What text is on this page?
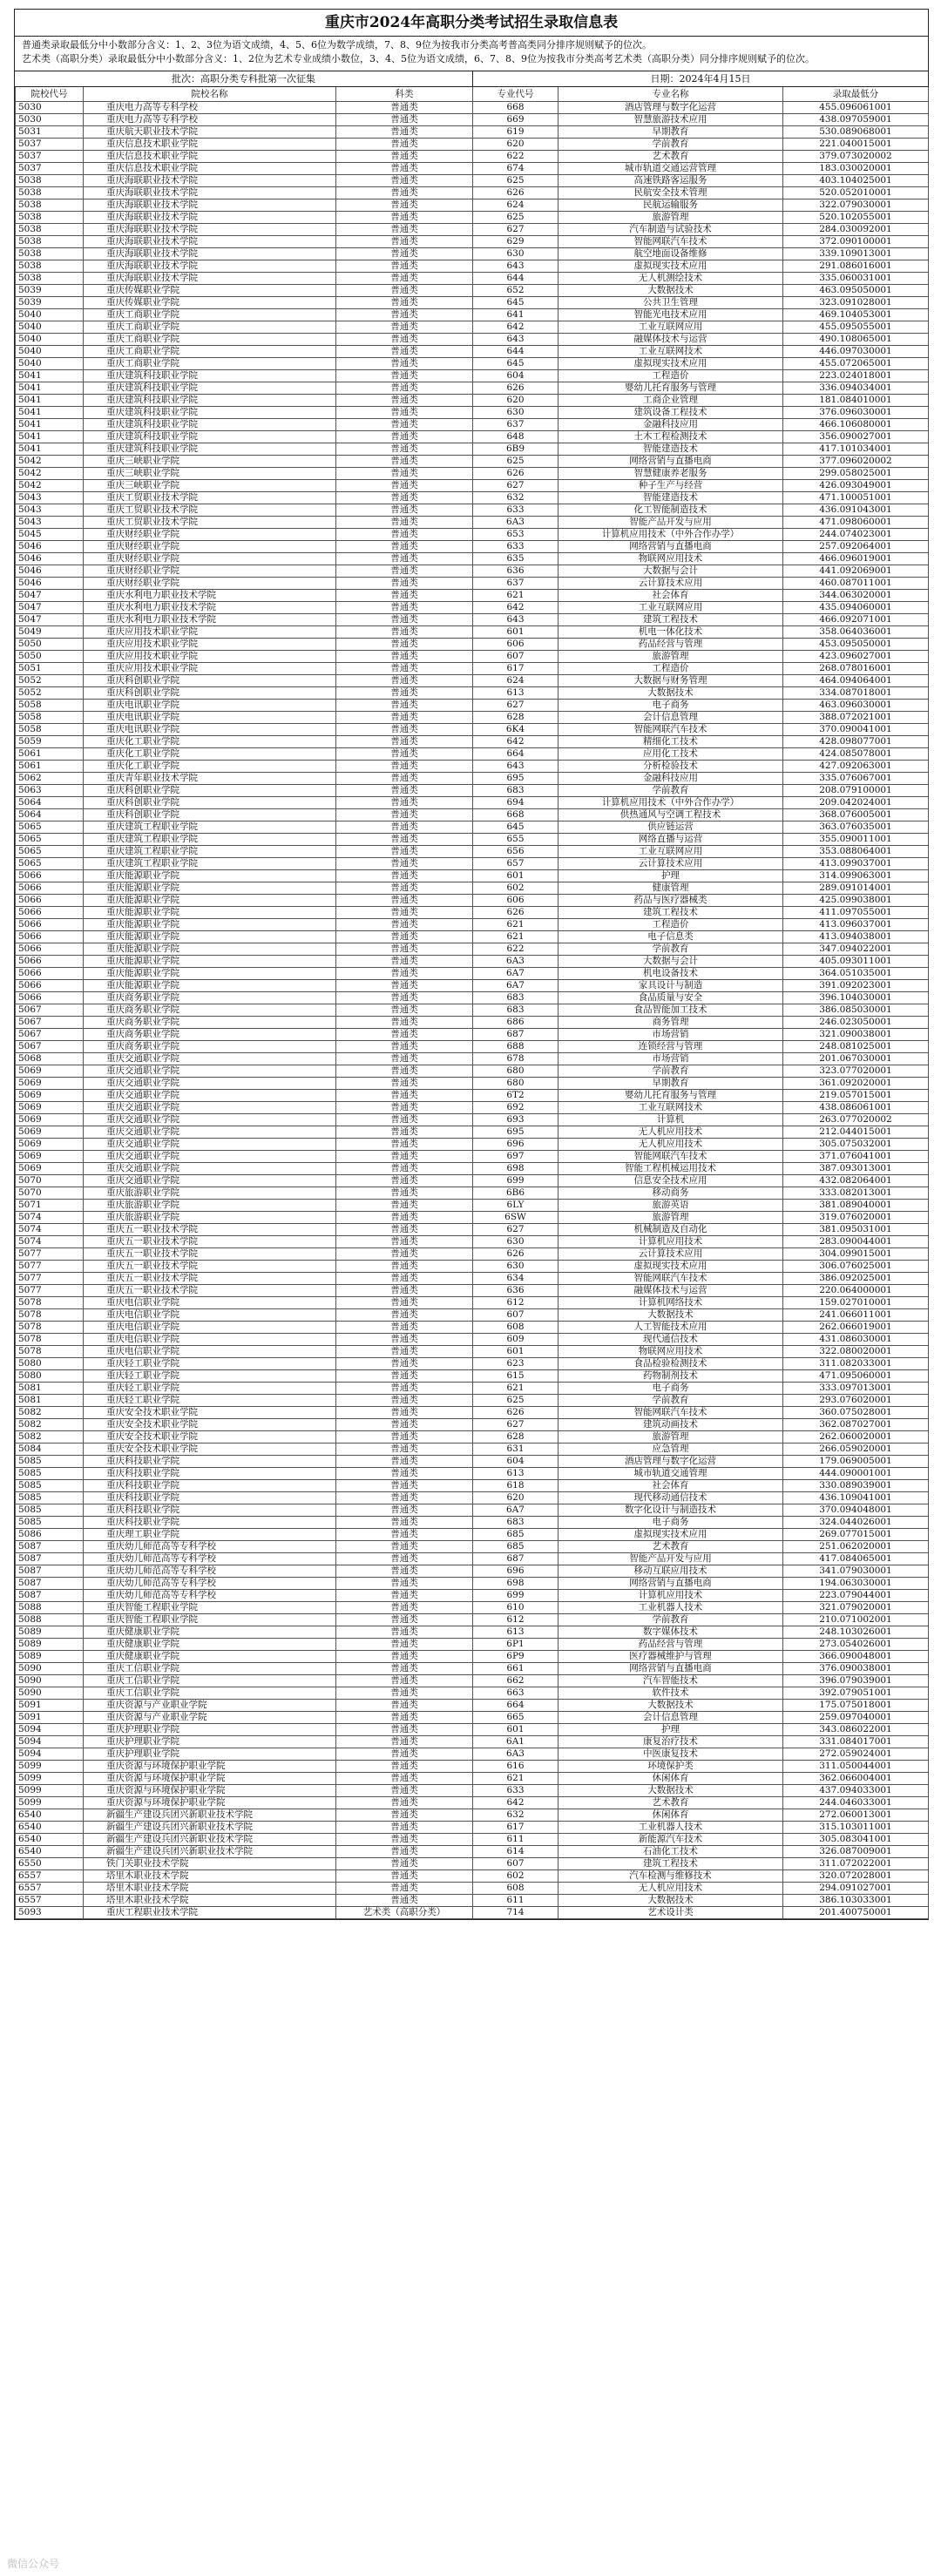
重庆市2024年高职分类考试招生录取信息表

普通类录取最低分中小数部分含义：1、2、3位为语文成绩，4、5、6位为数学成绩，7、8、9位为按我市分类高考普高类同分排序规则赋予的位次。

艺术类（高职分类）录取最低分中小数部分含义：1、2位为艺术专业成绩小数位，3、4、5位为语文成绩，6、7、8、9位为按我市分类高考艺术类（高职分类）同分排序规则赋予的位次。

批次：高职分类专科批第一次征集	日期：2024年4月15日
院校代号	院校名称	科类	专业代号	专业名称	录取最低分
5030	重庆电力高等专科学校	普通类	668	酒店管理与数字化运营	455.096061001
5030	重庆电力高等专科学校	普通类	669	智慧旅游技术应用	438.097059001
5031	重庆航天职业技术学院	普通类	619	早期教育	530.089068001
5037	重庆信息技术职业学院	普通类	620	学前教育	221.040015001
5037	重庆信息技术职业学院	普通类	622	艺术教育	379.073020002
5037	重庆信息技术职业学院	普通类	674	城市轨道交通运营管理	183.030020001
5038	重庆海联职业技术学院	普通类	625	高速铁路客运服务	403.104025001
5038	重庆海联职业技术学院	普通类	626	民航安全技术管理	520.052010001
5038	重庆海联职业技术学院	普通类	624	民航运输服务	322.079030001
5038	重庆海联职业技术学院	普通类	625	旅游管理	520.102055001
5038	重庆海联职业技术学院	普通类	627	汽车制造与试验技术	284.030092001
5038	重庆海联职业技术学院	普通类	629	智能网联汽车技术	372.090100001
5038	重庆海联职业技术学院	普通类	630	航空地面设备维修	339.109013001
5038	重庆海联职业技术学院	普通类	643	虚拟现实技术应用	291.086016001
5038	重庆海联职业技术学院	普通类	644	无人机测绘技术	335.060031001
5039	重庆传媒职业学院	普通类	652	大数据技术	463.095050001
5039	重庆传媒职业学院	普通类	645	公共卫生管理	323.091028001
5040	重庆工商职业学院	普通类	641	智能光电技术应用	469.104053001
5040	重庆工商职业学院	普通类	642	工业互联网应用	455.095055001
5040	重庆工商职业学院	普通类	643	融媒体技术与运营	490.108065001
5040	重庆工商职业学院	普通类	644	工业互联网技术	446.097030001
5040	重庆工商职业学院	普通类	645	虚拟现实技术应用	455.072065001
5041	重庆建筑科技职业学院	普通类	604	工程造价	223.024018001
5041	重庆建筑科技职业学院	普通类	626	婴幼儿托育服务与管理	336.094034001
5041	重庆建筑科技职业学院	普通类	620	工商企业管理	181.084010001
5041	重庆建筑科技职业学院	普通类	630	建筑设备工程技术	376.096030001
5041	重庆建筑科技职业学院	普通类	637	金融科技应用	466.106080001
5041	重庆建筑科技职业学院	普通类	648	土木工程检测技术	356.090027001
5041	重庆建筑科技职业学院	普通类	6B9	智能建造技术	417.101034001
5042	重庆三峡职业学院	普通类	625	网络营销与直播电商	377.096020002
5042	重庆三峡职业学院	普通类	626	智慧健康养老服务	299.058025001
5042	重庆三峡职业学院	普通类	627	种子生产与经营	426.093049001
5043	重庆工贸职业技术学院	普通类	632	智能建造技术	471.100051001
5043	重庆工贸职业技术学院	普通类	633	化工智能制造技术	436.091043001
5043	重庆工贸职业技术学院	普通类	6A3	智能产品开发与应用	471.098060001
5045	重庆财经职业学院	普通类	653	计算机应用技术（中外合作办学）	244.074023001
5046	重庆财经职业学院	普通类	633	网络营销与直播电商	257.092064001
5046	重庆财经职业学院	普通类	635	物联网应用技术	466.096019001
5046	重庆财经职业学院	普通类	636	大数据与会计	441.092069001
5046	重庆财经职业学院	普通类	637	云计算技术应用	460.087011001
5047	重庆水利电力职业技术学院	普通类	621	社会体育	344.063020001
5047	重庆水利电力职业技术学院	普通类	642	工业互联网应用	435.094060001
5047	重庆水利电力职业技术学院	普通类	643	建筑工程技术	466.092071001
5049	重庆应用技术职业学院	普通类	601	机电一体化技术	358.064036001
5050	重庆应用技术职业学院	普通类	606	药品经营与管理	453.095050001
5050	重庆应用技术职业学院	普通类	607	旅游管理	423.096027001
5051	重庆应用技术职业学院	普通类	617	工程造价	268.078016001
5052	重庆科创职业学院	普通类	624	大数据与财务管理	464.094064001
5052	重庆科创职业学院	普通类	613	大数据技术	334.087018001
5058	重庆电讯职业学院	普通类	627	电子商务	463.096030001
5058	重庆电讯职业学院	普通类	628	会计信息管理	388.072021001
5058	重庆电讯职业学院	普通类	6K4	智能网联汽车技术	370.090041001
5059	重庆化工职业学院	普通类	642	精细化工技术	428.098077001
5061	重庆化工职业学院	普通类	664	应用化工技术	424.085078001
5061	重庆化工职业学院	普通类	643	分析检验技术	427.092063001
5062	重庆青年职业技术学院	普通类	695	金融科技应用	335.076067001
5063	重庆科创职业学院	普通类	683	学前教育	208.079100001
5064	重庆科创职业学院	普通类	694	计算机应用技术（中外合作办学）	209.042024001
5064	重庆科创职业学院	普通类	668	供热通风与空调工程技术	368.076005001
5065	重庆建筑工程职业学院	普通类	645	供应链运营	363.076035001
5065	重庆建筑工程职业学院	普通类	655	网络直播与运营	355.090011001
5065	重庆建筑工程职业学院	普通类	656	工业互联网应用	353.088064001
5065	重庆建筑工程职业学院	普通类	657	云计算技术应用	413.099037001
5066	重庆能源职业学院	普通类	601	护理	314.099063001
5066	重庆能源职业学院	普通类	602	健康管理	289.091014001
5066	重庆能源职业学院	普通类	606	药品与医疗器械类	425.099038001
5066	重庆能源职业学院	普通类	626	建筑工程技术	411.097055001
5066	重庆能源职业学院	普通类	621	工程造价	413.096037001
5066	重庆能源职业学院	普通类	621	电子信息类	413.094038001
5066	重庆能源职业学院	普通类	622	学前教育	347.094022001
5066	重庆能源职业学院	普通类	6A3	大数据与会计	405.093011001
5066	重庆能源职业学院	普通类	6A7	机电设备技术	364.051035001
5066	重庆能源职业学院	普通类	6A7	家具设计与制造	391.092023001
5066	重庆商务职业学院	普通类	683	食品质量与安全	396.104030001
5067	重庆商务职业学院	普通类	683	食品智能加工技术	386.085030001
5067	重庆商务职业学院	普通类	686	商务管理	246.023050001
5067	重庆商务职业学院	普通类	687	市场营销	321.090038001
5067	重庆商务职业学院	普通类	688	连锁经营与管理	248.081025001
5068	重庆交通职业学院	普通类	678	市场营销	201.067030001
5069	重庆交通职业学院	普通类	680	学前教育	323.077020001
5069	重庆交通职业学院	普通类	680	早期教育	361.092020001
5069	重庆交通职业学院	普通类	6T2	婴幼儿托育服务与管理	219.057015001
5069	重庆交通职业学院	普通类	692	工业互联网技术	438.086061001
5069	重庆交通职业学院	普通类	693	计算机	263.077020002
5069	重庆交通职业学院	普通类	695	无人机应用技术	212.044015001
5069	重庆交通职业学院	普通类	696	无人机应用技术	305.075032001
5069	重庆交通职业学院	普通类	697	智能网联汽车技术	371.076041001
5069	重庆交通职业学院	普通类	698	智能工程机械运用技术	387.093013001
5070	重庆交通职业学院	普通类	699	信息安全技术应用	432.082064001
5070	重庆旅游职业学院	普通类	6B6	移动商务	333.082013001
5071	重庆旅游职业学院	普通类	6LY	旅游英语	381.089040001
5074	重庆旅游职业学院	普通类	6SW	旅游管理	319.076020001
5074	重庆五一职业技术学院	普通类	627	机械制造及自动化	381.095031001
5074	重庆五一职业技术学院	普通类	630	计算机应用技术	283.090044001
5077	重庆五一职业技术学院	普通类	626	云计算技术应用	304.099015001
5077	重庆五一职业技术学院	普通类	630	虚拟现实技术应用	306.076025001
5077	重庆五一职业技术学院	普通类	634	智能网联汽车技术	386.092025001
5077	重庆五一职业技术学院	普通类	636	融媒体技术与运营	220.064000001
5078	重庆电信职业学院	普通类	612	计算机网络技术	159.027010001
5078	重庆电信职业学院	普通类	607	大数据技术	241.066011001
5078	重庆电信职业学院	普通类	608	人工智能技术应用	262.066019001
5078	重庆电信职业学院	普通类	609	现代通信技术	431.086030001
5078	重庆电信职业学院	普通类	601	物联网应用技术	322.080020001
5080	重庆轻工职业学院	普通类	623	食品检验检测技术	311.082033001
5080	重庆轻工职业学院	普通类	615	药物制剂技术	471.095060001
5081	重庆轻工职业学院	普通类	621	电子商务	333.097013001
5081	重庆轻工职业学院	普通类	625	学前教育	293.076020001
5082	重庆安全技术职业学院	普通类	626	智能网联汽车技术	360.075028001
5082	重庆安全技术职业学院	普通类	627	建筑动画技术	362.087027001
5082	重庆安全技术职业学院	普通类	628	旅游管理	262.060020001
5084	重庆安全技术职业学院	普通类	631	应急管理	266.059020001
5085	重庆科技职业学院	普通类	604	酒店管理与数字化运营	179.069005001
5085	重庆科技职业学院	普通类	613	城市轨道交通管理	444.090001001
5085	重庆科技职业学院	普通类	618	社会体育	330.089039001
5085	重庆科技职业学院	普通类	620	现代移动通信技术	436.109041001
5085	重庆科技职业学院	普通类	6A7	数字化设计与制造技术	370.094048001
5085	重庆科技职业学院	普通类	683	电子商务	324.044026001
5086	重庆理工职业学院	普通类	685	虚拟现实技术应用	269.077015001
5087	重庆幼儿师范高等专科学校	普通类	685	艺术教育	251.062020001
5087	重庆幼儿师范高等专科学校	普通类	687	智能产品开发与应用	417.084065001
5087	重庆幼儿师范高等专科学校	普通类	696	移动互联应用技术	341.079030001
5087	重庆幼儿师范高等专科学校	普通类	698	网络营销与直播电商	194.063030001
5087	重庆幼儿师范高等专科学校	普通类	699	计算机应用技术	223.079044001
5088	重庆智能工程职业学院	普通类	610	工业机器人技术	321.079020001
5088	重庆智能工程职业学院	普通类	612	学前教育	210.071002001
5089	重庆健康职业学院	普通类	613	数字媒体技术	248.103026001
5089	重庆健康职业学院	普通类	6P1	药品经营与管理	273.054026001
5089	重庆健康职业学院	普通类	6P9	医疗器械维护与管理	366.090048001
5090	重庆工信职业学院	普通类	661	网络营销与直播电商	376.090038001
5090	重庆工信职业学院	普通类	662	汽车智能技术	396.079039001
5090	重庆工信职业学院	普通类	663	软件技术	392.079051001
5091	重庆资源与产业职业学院	普通类	664	大数据技术	175.075018001
5091	重庆资源与产业职业学院	普通类	665	会计信息管理	259.097040001
5094	重庆护理职业学院	普通类	601	护理	343.086022001
5094	重庆护理职业学院	普通类	6A1	康复治疗技术	331.084017001
5094	重庆护理职业学院	普通类	6A3	中医康复技术	272.059024001
5099	重庆资源与环境保护职业学院	普通类	616	环境保护类	311.050044001
5099	重庆资源与环境保护职业学院	普通类	621	休闲体育	362.066004001
5099	重庆资源与环境保护职业学院	普通类	633	大数据技术	437.094033001
5099	重庆资源与环境保护职业学院	普通类	642	艺术教育	244.046033001
6540	新疆生产建设兵团兴新职业技术学院	普通类	632	休闲体育	272.060013001
6540	新疆生产建设兵团兴新职业技术学院	普通类	617	工业机器人技术	315.103011001
6540	新疆生产建设兵团兴新职业技术学院	普通类	611	新能源汽车技术	305.083041001
6540	新疆生产建设兵团兴新职业技术学院	普通类	614	石油化工技术	326.087009001
6550	铁门关职业技术学院	普通类	607	建筑工程技术	311.072022001
6557	塔里木职业技术学院	普通类	602	汽车检测与维修技术	320.072028001
6557	塔里木职业技术学院	普通类	608	无人机应用技术	294.091027001
6557	塔里木职业技术学院	普通类	611	大数据技术	386.103033001
5093	重庆工程职业技术学院	艺术类（高职分类）	714	艺术设计类	201.400750001
微信公众号
